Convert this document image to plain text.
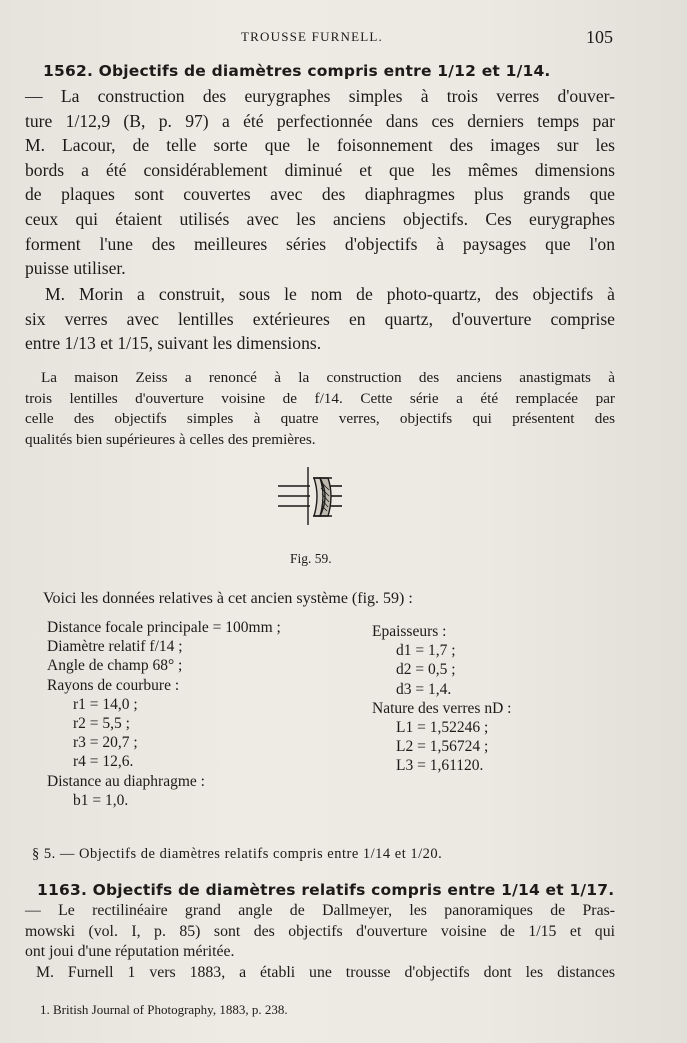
TROUSSE FURNELL.	105
1562. Objectifs de diamètres compris entre 1/12 et 1/14.
— La construction des eurygraphes simples à trois verres d'ouver-
ture 1/12,9 (B, p. 97) a été perfectionnée dans ces derniers temps par
M. Lacour, de telle sorte que le foisonnement des images sur les
bords a été considérablement diminué et que les mêmes dimensions
de plaques sont couvertes avec des diaphragmes plus grands que
ceux qui étaient utilisés avec les anciens objectifs. Ces eurygraphes
forment l'une des meilleures séries d'objectifs à paysages que l'on
puisse utiliser.
M. Morin a construit, sous le nom de photo-quartz, des objectifs à
six verres avec lentilles extérieures en quartz, d'ouverture comprise
entre 1/13 et 1/15, suivant les dimensions.
La maison Zeiss a renoncé à la construction des anciens anastigmats à
trois lentilles d'ouverture voisine de f/14. Cette série a été remplacée par
celle des objectifs simples à quatre verres, objectifs qui présentent des
qualités bien supérieures à celles des premières.
Fig. 59.
Voici les données relatives à cet ancien système (fig. 59) :
Distance focale principale = 100mm ;
Diamètre relatif f/14 ;
Angle de champ 68° ;
Rayons de courbure :
r1 = 14,0 ;
r2 = 5,5 ;
r3 = 20,7 ;
r4 = 12,6.
Distance au diaphragme :
b1 = 1,0.
Epaisseurs :
d1 = 1,7 ;
d2 = 0,5 ;
d3 = 1,4.
Nature des verres nD :
L1 = 1,52246 ;
L2 = 1,56724 ;
L3 = 1,61120.
§ 5. — Objectifs de diamètres relatifs compris entre 1/14 et 1/20.
1163. Objectifs de diamètres relatifs compris entre 1/14 et 1/17.
— Le rectilinéaire grand angle de Dallmeyer, les panoramiques de Pras-
mowski (vol. I, p. 85) sont des objectifs d'ouverture voisine de 1/15 et qui
ont joui d'une réputation méritée.
M. Furnell 1 vers 1883, a établi une trousse d'objectifs dont les distances
1. British Journal of Photography, 1883, p. 238.
